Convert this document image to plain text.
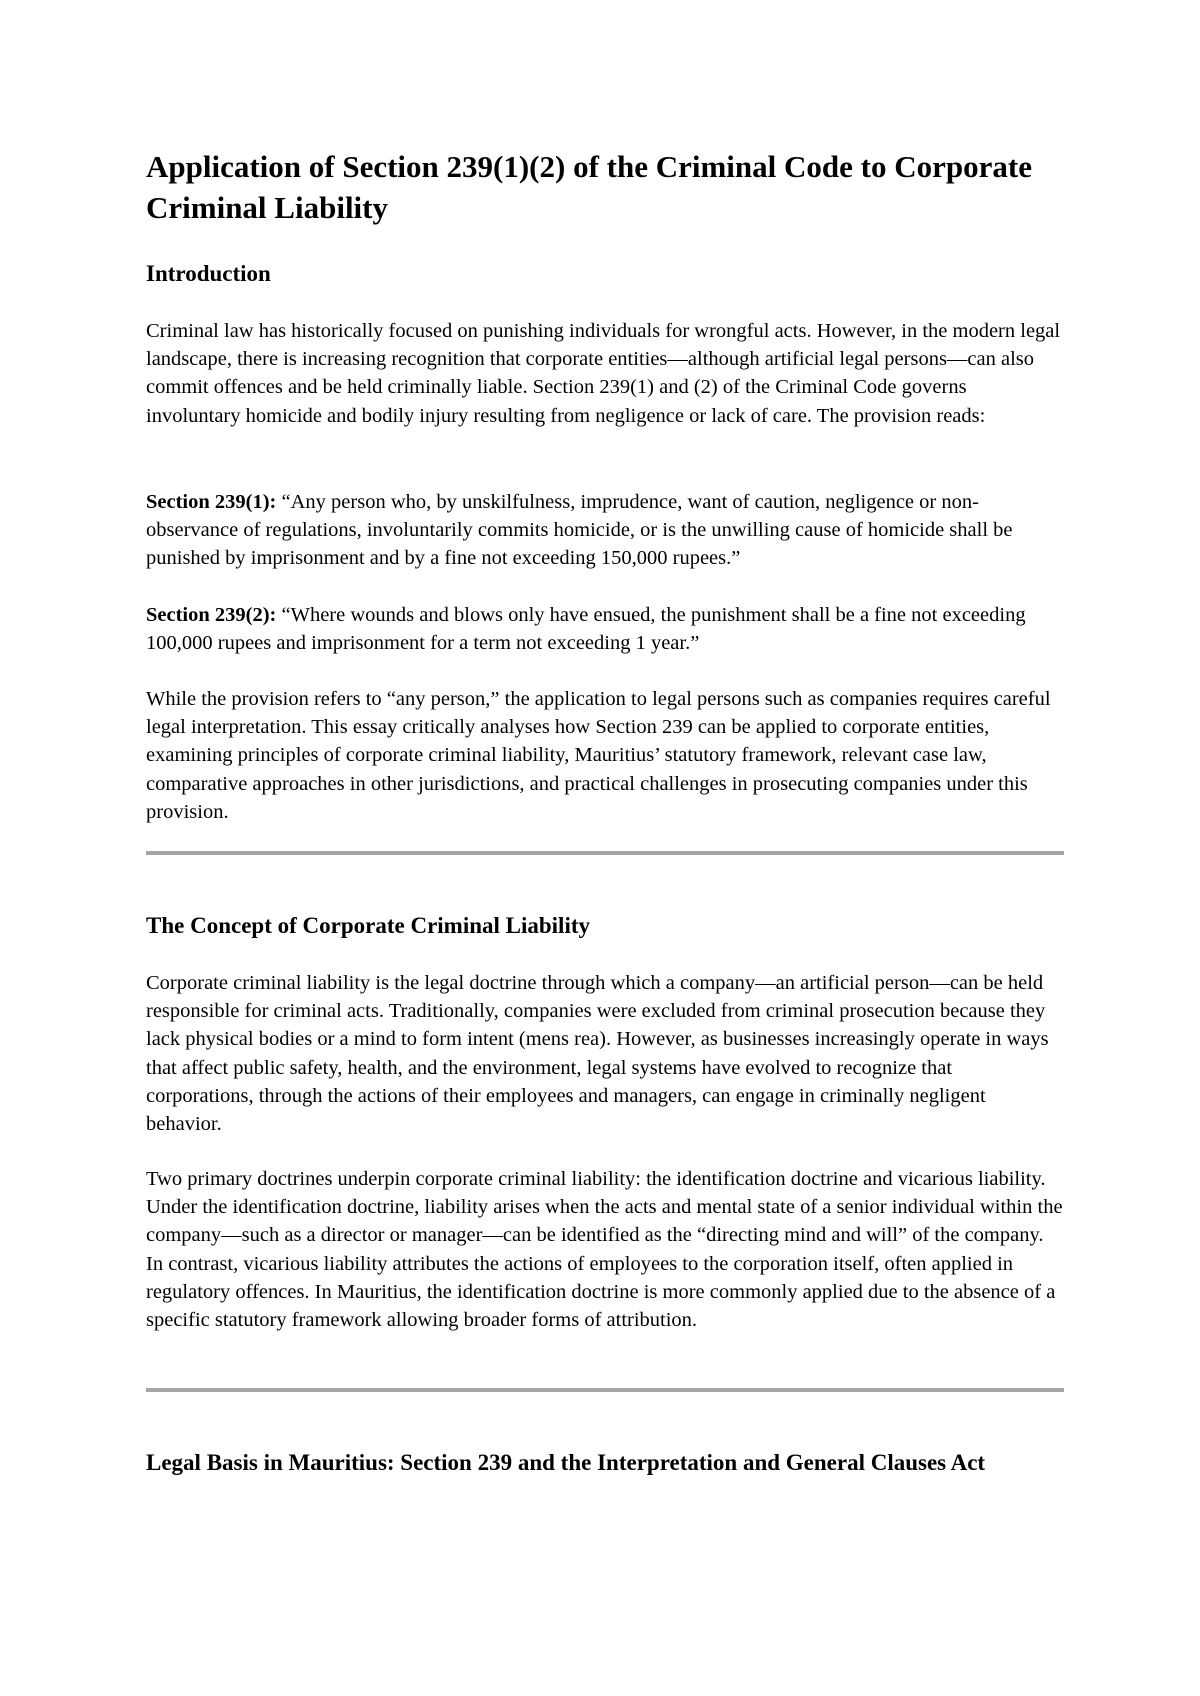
Application of Section 239(1)(2) of the Criminal Code to Corporate Criminal Liability
Introduction

Criminal law has historically focused on punishing individuals for wrongful acts. However, in the modern legal landscape, there is increasing recognition that corporate entities—although artificial legal persons—can also commit offences and be held criminally liable. Section 239(1) and (2) of the Criminal Code governs involuntary homicide and bodily injury resulting from negligence or lack of care. The provision reads:

Section 239(1): “Any person who, by unskilfulness, imprudence, want of caution, negligence or non-observance of regulations, involuntarily commits homicide, or is the unwilling cause of homicide shall be punished by imprisonment and by a fine not exceeding 150,000 rupees.”

Section 239(2): “Where wounds and blows only have ensued, the punishment shall be a fine not exceeding 100,000 rupees and imprisonment for a term not exceeding 1 year.”

While the provision refers to “any person,” the application to legal persons such as companies requires careful legal interpretation. This essay critically analyses how Section 239 can be applied to corporate entities, examining principles of corporate criminal liability, Mauritius’ statutory framework, relevant case law, comparative approaches in other jurisdictions, and practical challenges in prosecuting companies under this provision.

The Concept of Corporate Criminal Liability

Corporate criminal liability is the legal doctrine through which a company—an artificial person—can be held responsible for criminal acts. Traditionally, companies were excluded from criminal prosecution because they lack physical bodies or a mind to form intent (mens rea). However, as businesses increasingly operate in ways that affect public safety, health, and the environment, legal systems have evolved to recognize that corporations, through the actions of their employees and managers, can engage in criminally negligent behavior.

Two primary doctrines underpin corporate criminal liability: the identification doctrine and vicarious liability. Under the identification doctrine, liability arises when the acts and mental state of a senior individual within the company—such as a director or manager—can be identified as the “directing mind and will” of the company. In contrast, vicarious liability attributes the actions of employees to the corporation itself, often applied in regulatory offences. In Mauritius, the identification doctrine is more commonly applied due to the absence of a specific statutory framework allowing broader forms of attribution.

Legal Basis in Mauritius: Section 239 and the Interpretation and General Clauses Act
